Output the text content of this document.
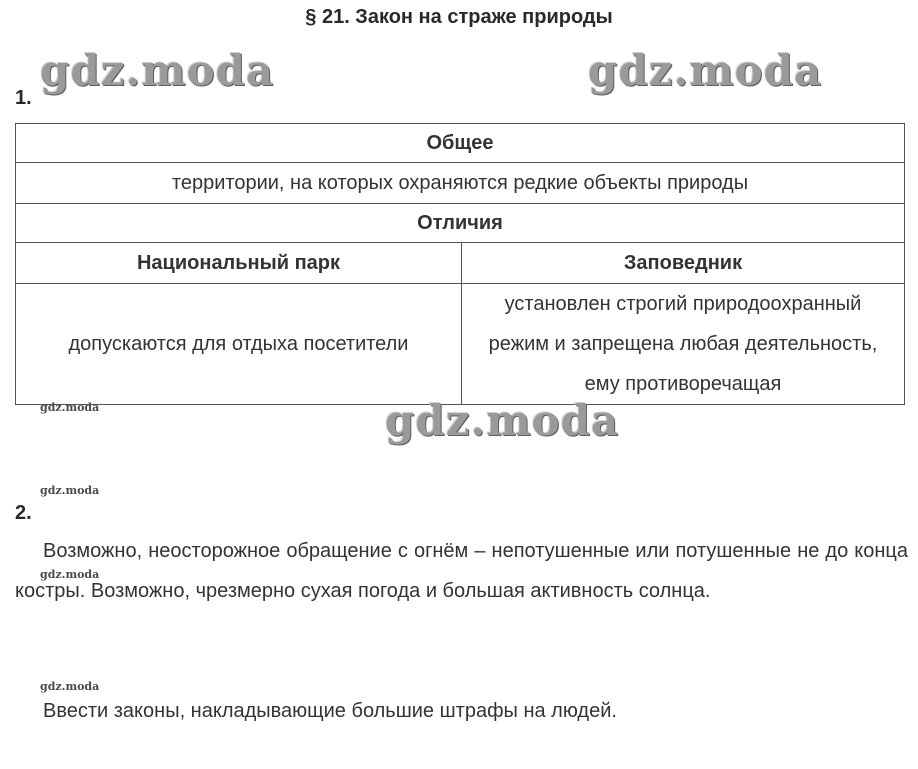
§ 21. Закон на страже природы
gdz.moda	gdz.moda
1.
Общее	
территории, на которых охраняются редкие объекты природы	
Отличия	
Национальный парк	Заповедник
допускаются для отдыха посетители	установлен строгий природоохранный режим и запрещена любая деятельность, ему противоречащая
gdz.moda	gdz.moda
gdz.moda
2.

Возможно, неосторожное обращение с огнём – непотушенные или потушенные не до конца костры. Возможно, чрезмерно сухая погода и большая активность солнца.

gdz.moda
gdz.moda

Ввести законы, накладывающие большие штрафы на людей.
